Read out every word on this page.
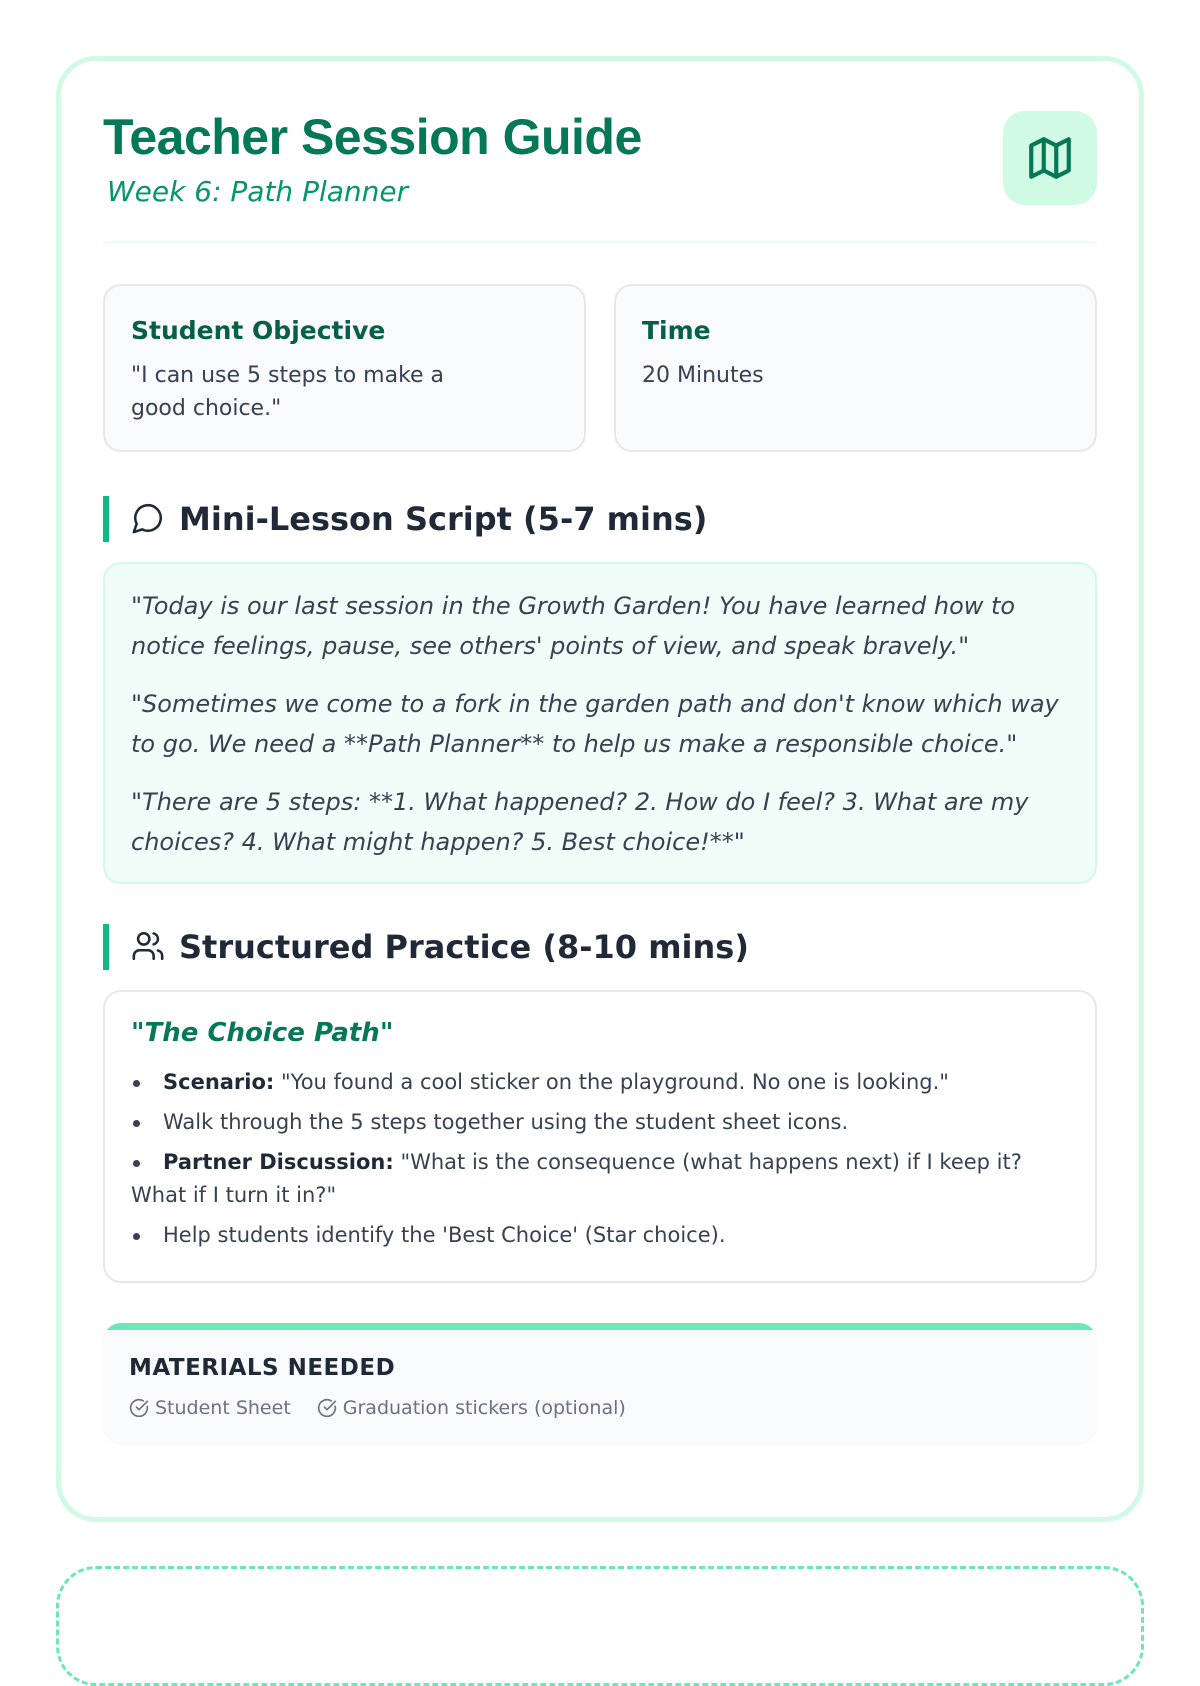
Teacher Session Guide
Week 6: Path Planner
Student Objective
"I can use 5 steps to make a good choice."
Time
20 Minutes
Mini-Lesson Script (5-7 mins)

"Today is our last session in the Growth Garden! You have learned how to notice feelings, pause, see others' points of view, and speak bravely."

"Sometimes we come to a fork in the garden path and don't know which way to go. We need a **Path Planner** to help us make a responsible choice."

"There are 5 steps: **1. What happened? 2. How do I feel? 3. What are my choices? 4. What might happen? 5. Best choice!**"

Structured Practice (8-10 mins)
"The Choice Path"
Scenario: "You found a cool sticker on the playground. No one is looking."
Walk through the 5 steps together using the student sheet icons.
Partner Discussion: "What is the consequence (what happens next) if I keep it? What if I turn it in?"
Help students identify the 'Best Choice' (Star choice).
MATERIALS NEEDED
Student Sheet	Graduation stickers (optional)
